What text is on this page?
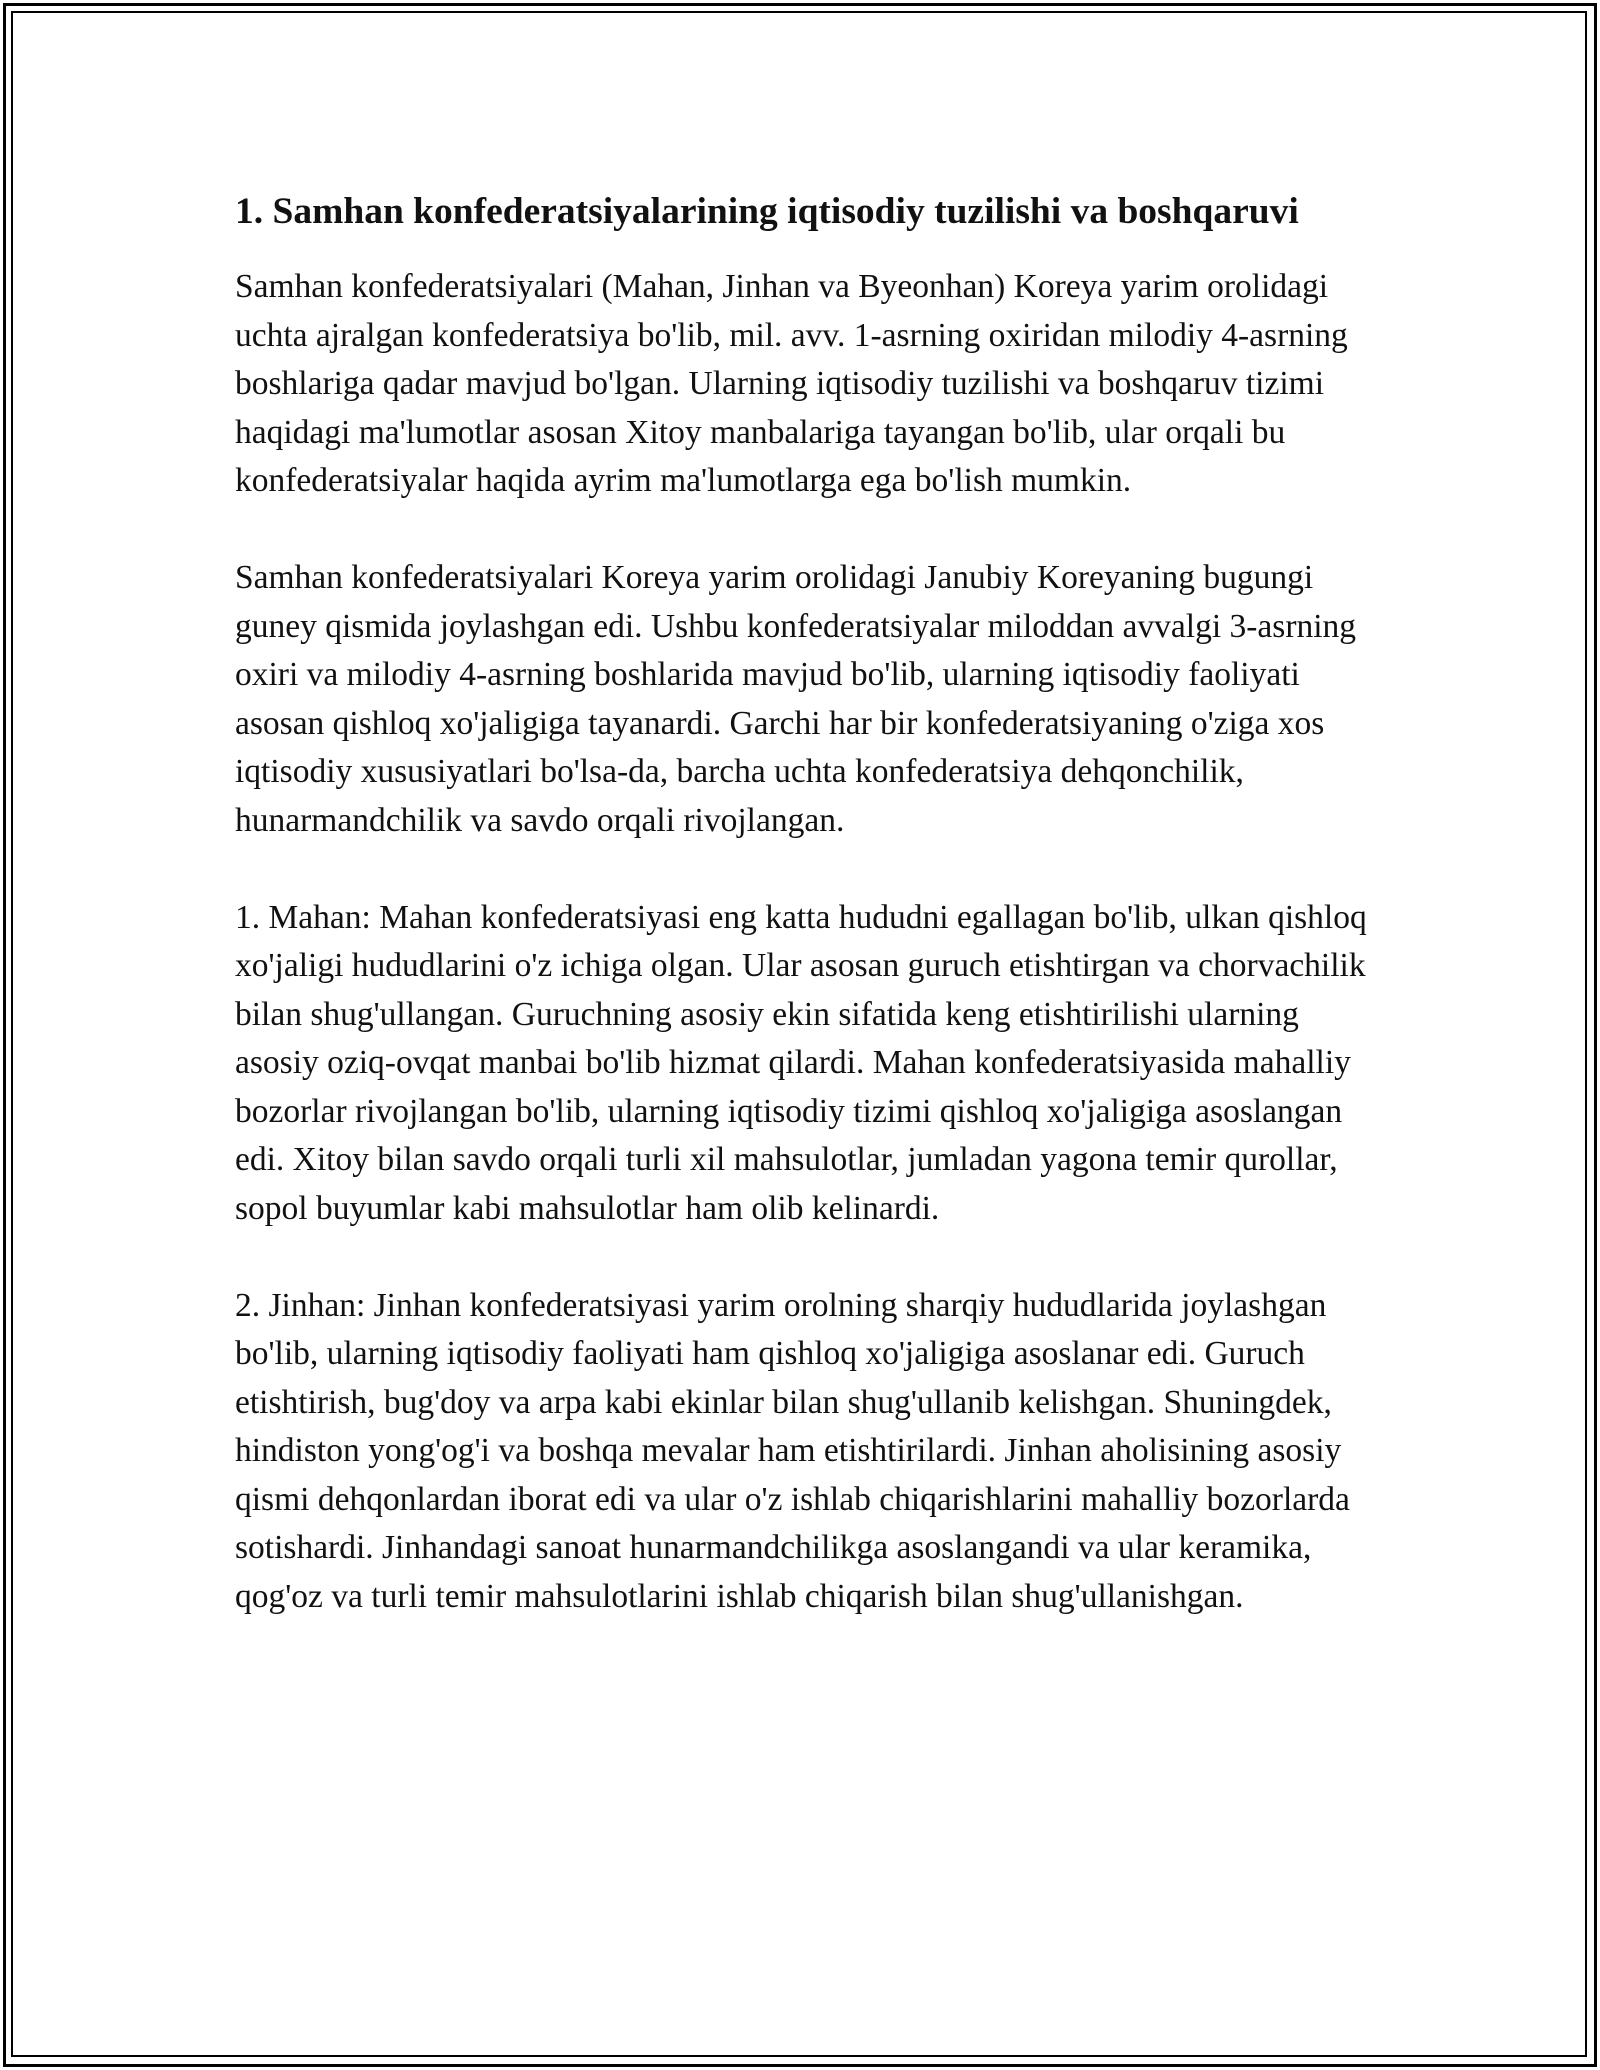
1. Samhan konfederatsiyalarining iqtisodiy tuzilishi va boshqaruvi

Samhan konfederatsiyalari (Mahan, Jinhan va Byeonhan) Koreya yarim orolidagi uchta ajralgan konfederatsiya bo'lib, mil. avv. 1-asrning oxiridan milodiy 4-asrning boshlariga qadar mavjud bo'lgan. Ularning iqtisodiy tuzilishi va boshqaruv tizimi haqidagi ma'lumotlar asosan Xitoy manbalariga tayangan bo'lib, ular orqali bu konfederatsiyalar haqida ayrim ma'lumotlarga ega bo'lish mumkin.

Samhan konfederatsiyalari Koreya yarim orolidagi Janubiy Koreyaning bugungi guney qismida joylashgan edi. Ushbu konfederatsiyalar miloddan avvalgi 3-asrning oxiri va milodiy 4-asrning boshlarida mavjud bo'lib, ularning iqtisodiy faoliyati asosan qishloq xo'jaligiga tayanardi. Garchi har bir konfederatsiyaning o'ziga xos iqtisodiy xususiyatlari bo'lsa-da, barcha uchta konfederatsiya dehqonchilik, hunarmandchilik va savdo orqali rivojlangan.

1. Mahan: Mahan konfederatsiyasi eng katta hududni egallagan bo'lib, ulkan qishloq xo'jaligi hududlarini o'z ichiga olgan. Ular asosan guruch etishtirgan va chorvachilik bilan shug'ullangan. Guruchning asosiy ekin sifatida keng etishtirilishi ularning asosiy oziq-ovqat manbai bo'lib hizmat qilardi. Mahan konfederatsiyasida mahalliy bozorlar rivojlangan bo'lib, ularning iqtisodiy tizimi qishloq xo'jaligiga asoslangan edi. Xitoy bilan savdo orqali turli xil mahsulotlar, jumladan yagona temir qurollar, sopol buyumlar kabi mahsulotlar ham olib kelinardi.

2. Jinhan: Jinhan konfederatsiyasi yarim orolning sharqiy hududlarida joylashgan bo'lib, ularning iqtisodiy faoliyati ham qishloq xo'jaligiga asoslanar edi. Guruch etishtirish, bug'doy va arpa kabi ekinlar bilan shug'ullanib kelishgan. Shuningdek, hindiston yong'og'i va boshqa mevalar ham etishtirilardi. Jinhan aholisining asosiy qismi dehqonlardan iborat edi va ular o'z ishlab chiqarishlarini mahalliy bozorlarda sotishardi. Jinhandagi sanoat hunarmandchilikga asoslangandi va ular keramika, qog'oz va turli temir mahsulotlarini ishlab chiqarish bilan shug'ullanishgan.
